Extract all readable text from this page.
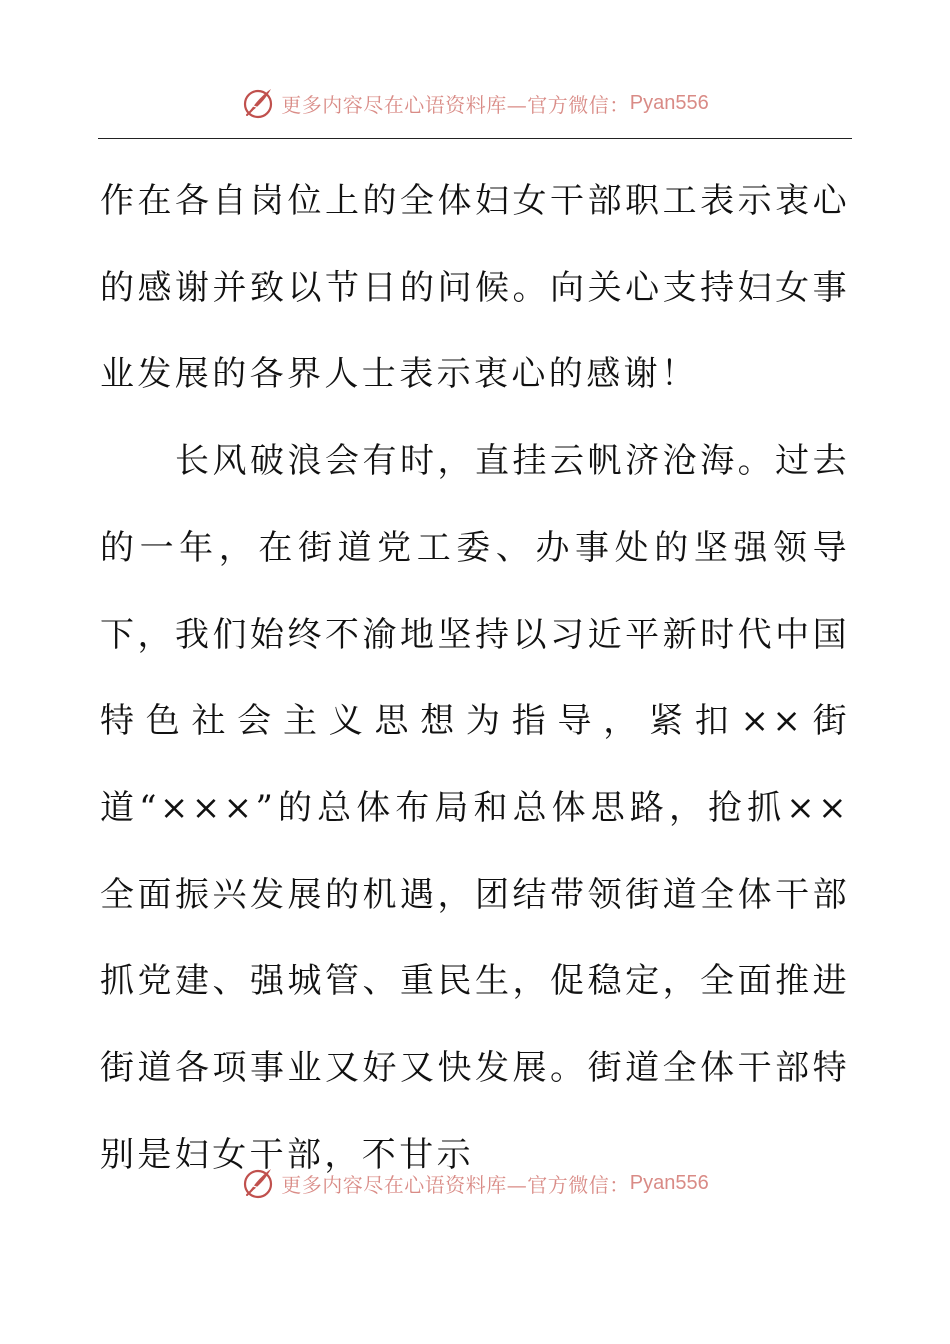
更多内容尽在心语资料库—官方微信： Pyan556

作在各自岗位上的全体妇女干部职工表示衷心的感谢并致以节日的问候。向关心支持妇女事业发展的各界人士表示衷心的感谢！

长风破浪会有时，直挂云帆济沧海。过去的一年，在街道党工委、办事处的坚强领导下，我们始终不渝地坚持以习近平新时代中国特色社会主义思想为指导，紧扣××街道“×××”的总体布局和总体思路，抢抓××全面振兴发展的机遇，团结带领街道全体干部抓党建、强城管、重民生，促稳定，全面推进街道各项事业又好又快发展。街道全体干部特别是妇女干部，不甘示

更多内容尽在心语资料库—官方微信： Pyan556
